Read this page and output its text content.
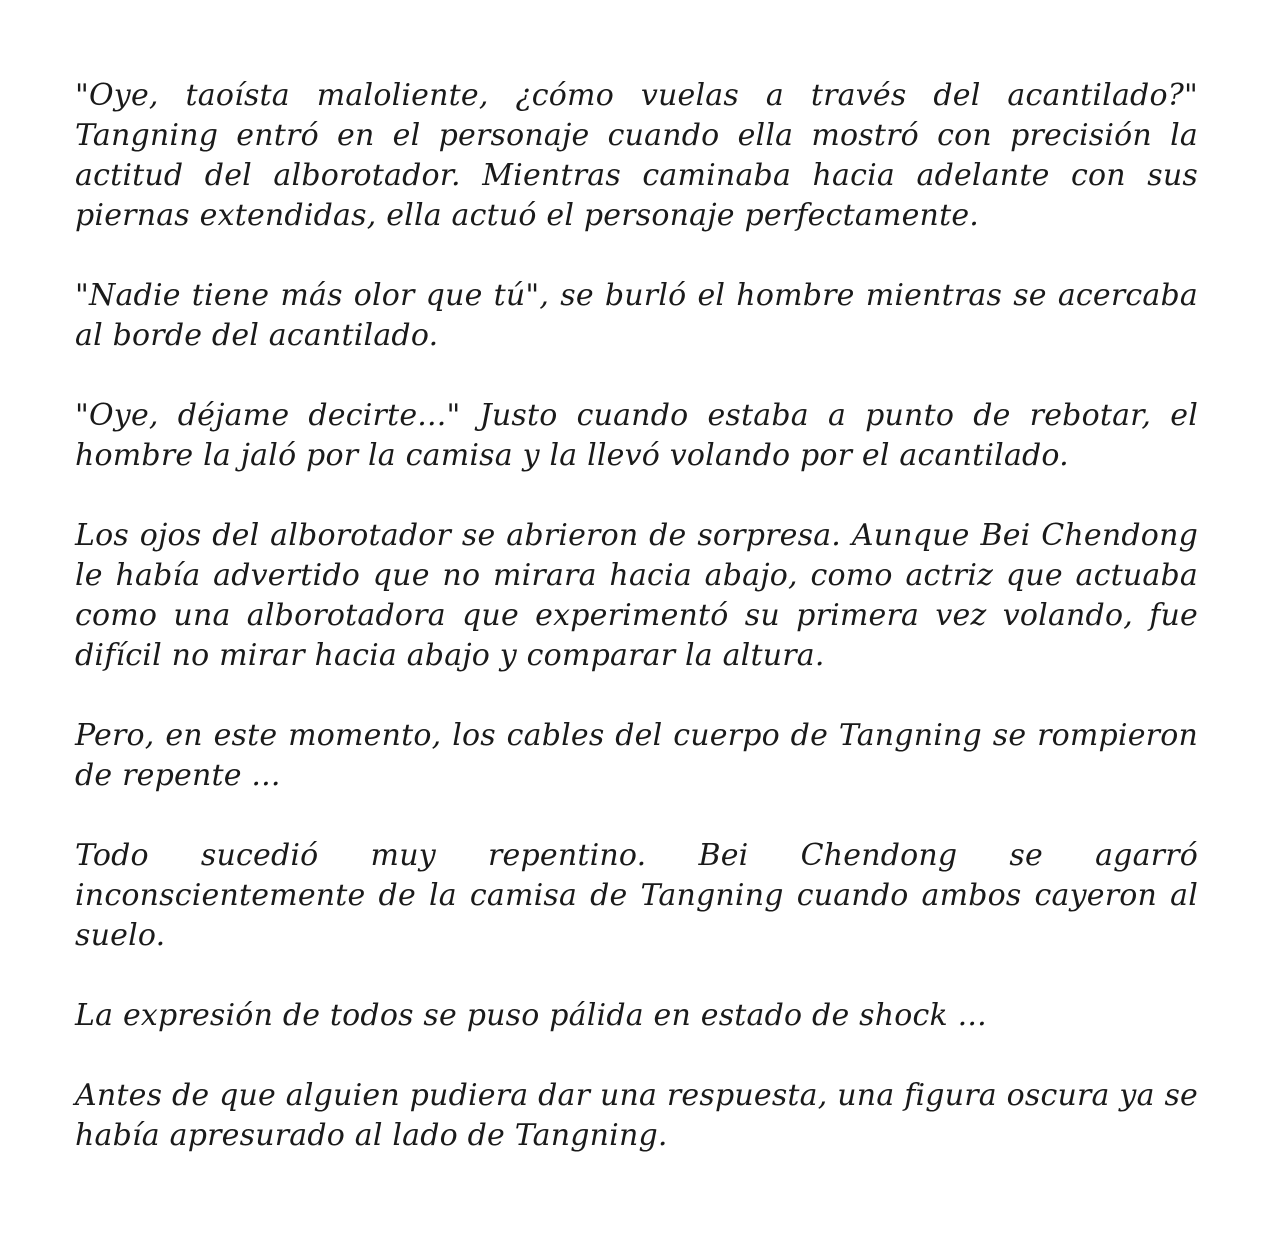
"Oye, taoísta maloliente, ¿cómo vuelas a través del acantilado?" Tangning entró en el personaje cuando ella mostró con precisión la actitud del alborotador. Mientras caminaba hacia adelante con sus piernas extendidas, ella actuó el personaje perfectamente.

"Nadie tiene más olor que tú", se burló el hombre mientras se acercaba al borde del acantilado.

"Oye, déjame decirte..." Justo cuando estaba a punto de rebotar, el hombre la jaló por la camisa y la llevó volando por el acantilado.

Los ojos del alborotador se abrieron de sorpresa. Aunque Bei Chendong le había advertido que no mirara hacia abajo, como actriz que actuaba como una alborotadora que experimentó su primera vez volando, fue difícil no mirar hacia abajo y comparar la altura.

Pero, en este momento, los cables del cuerpo de Tangning se rompieron de repente ...

Todo sucedió muy repentino. Bei Chendong se agarró inconscientemente de la camisa de Tangning cuando ambos cayeron al suelo.

La expresión de todos se puso pálida en estado de shock ...

Antes de que alguien pudiera dar una respuesta, una figura oscura ya se había apresurado al lado de Tangning.
